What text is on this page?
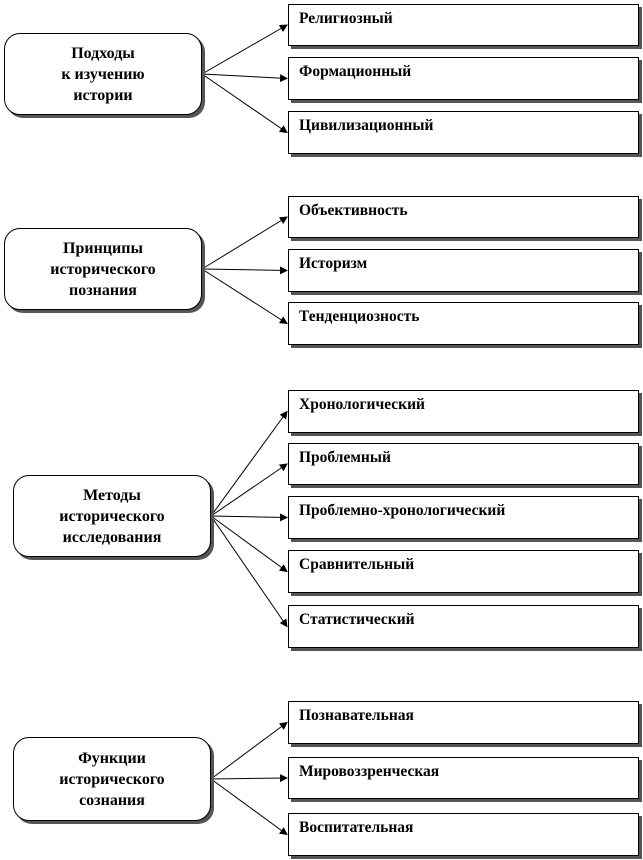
Подходы
к изучению
истории
Религиозный
Формационный
Цивилизационный
Принципы
исторического
познания
Объективность
Историзм
Тенденциозность
Методы
исторического
исследования
Хронологический
Проблемный
Проблемно-хронологический
Сравнительный
Статистический
Функции
исторического
сознания
Познавательная
Мировоззренческая
Воспитательная
